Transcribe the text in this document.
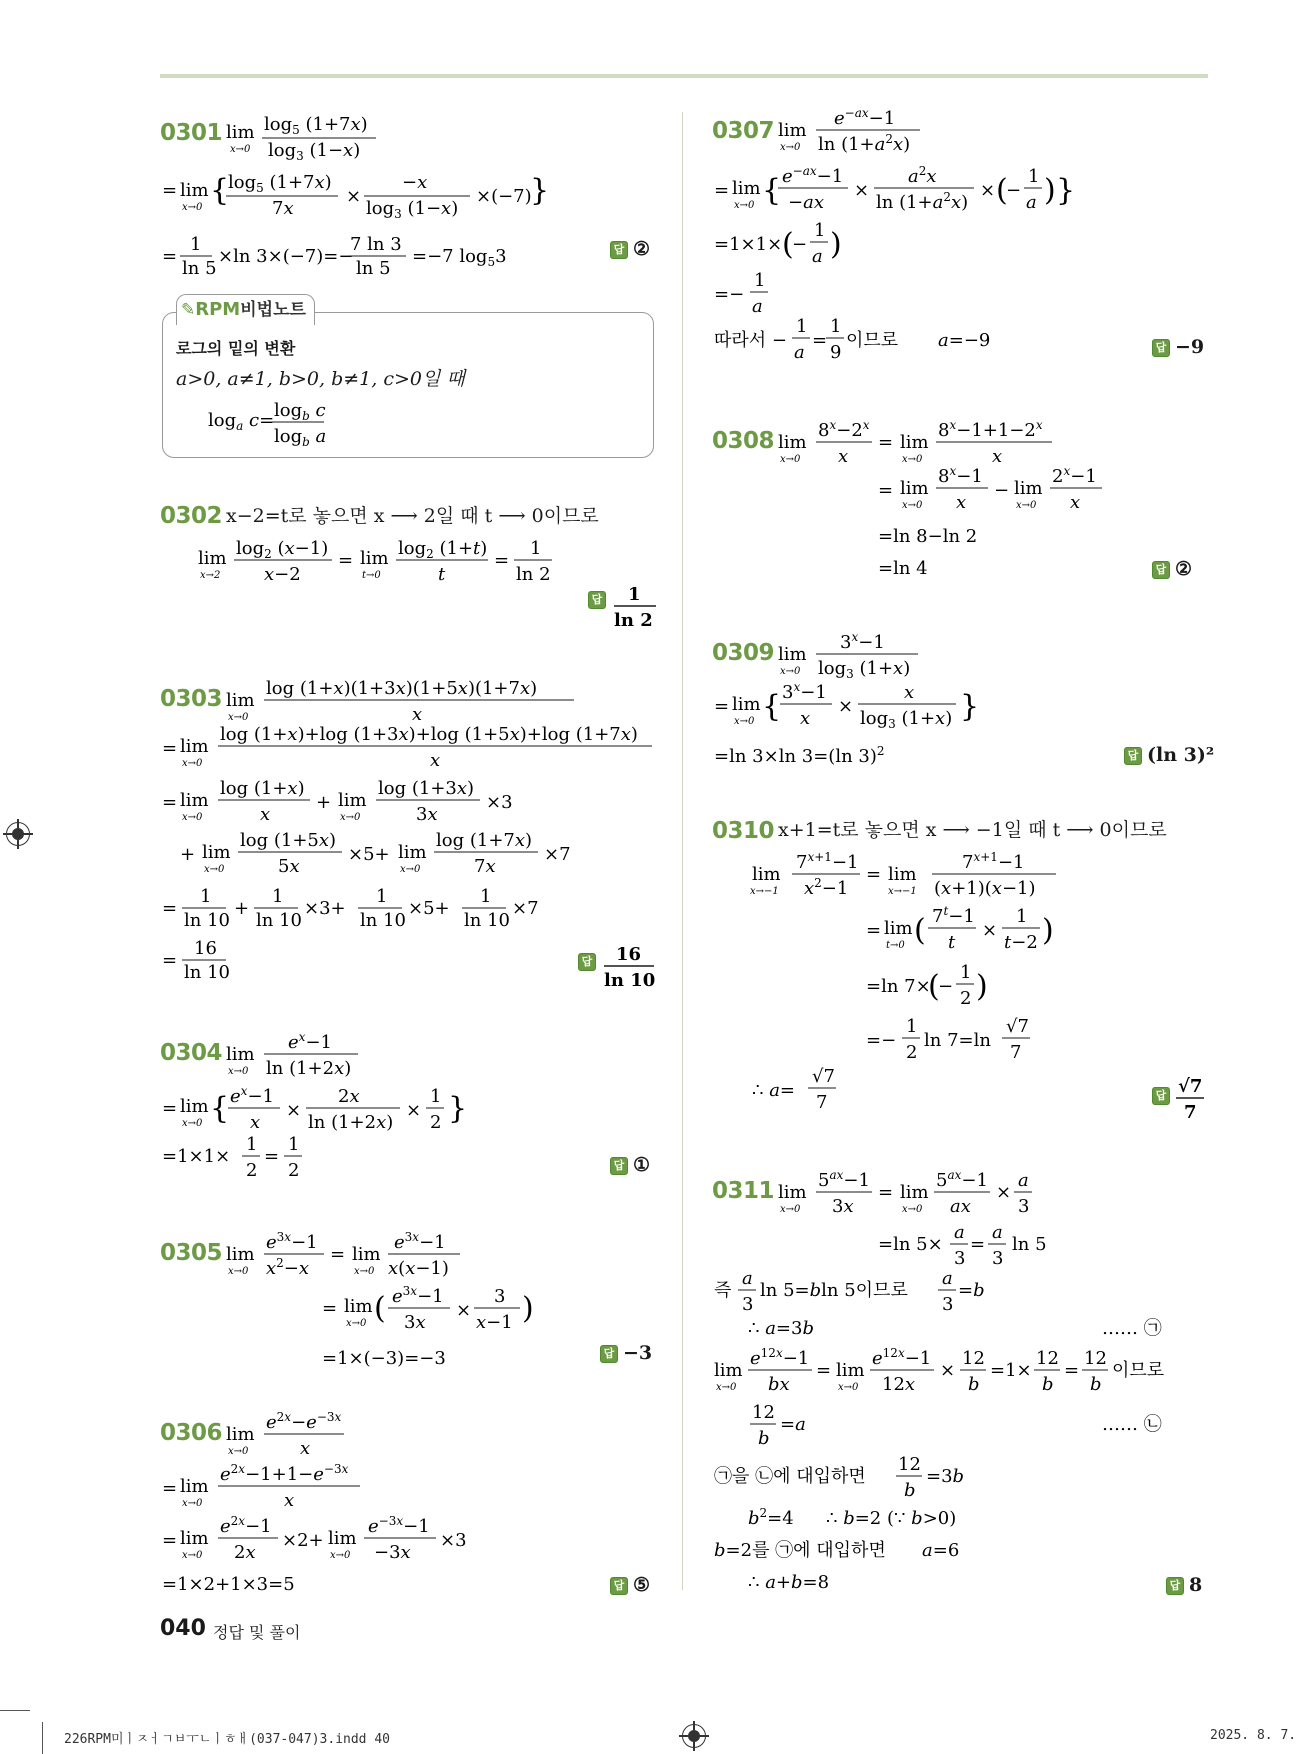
0301 lim
x→0
$\log_5 (1+7x)$
$\log_3 (1-x)$
= lim
x→0 {
$\log_5 (1+7x)$
7x
×
−x
$\log_3 (1-x)$
×(−7)
}
=
1
ln 5
×ln 3×(−7)=−
7 ln 3
ln 5
=−7 $\log_53$	답 ②
✎RPM비법노트
로그의 밑의 변환
a>0, a≠1, b>0, b≠1, c>0일 때
$\log_a c= \log_b c$
$\log_b a$
0302 x−2=t로 놓으면 x ⟶ 2일 때 t ⟶ 0이므로
lim
x→2
$\log_2 (x-1)$
x−2
= lim
t→0
$\log_2 (1+t)$
t
=
1
ln 2
답	1
ln 2
0303 lim
x→0
log (1+x)(1+3x)(1+5x)(1+7x)
x
= lim
x→0
log (1+x)+log (1+3x)+log (1+5x)+log (1+7x)
x
= lim
x→0
log (1+x)
x
+ lim
x→0
log (1+3x)
3x
×3
+ lim
x→0
log (1+5x)
5x
×5+ lim
x→0
log (1+7x)
7x
×7
=
1
ln 10
+
1
ln 10
×3+
1
ln 10
×5+
1
ln 10
×7
=
16
ln 10
답	16
ln 10
0304 lim
x→0
$e^x-1$
ln (1+2x)
= lim
x→0 { $e^x-1$
x
×
2x
ln (1+2x)
×
1
2 }
=1×1×
1
2
=
1
2	답 ①
0305 lim
x→0
$e^{3x}-1$
$x^2-x$
= lim
x→0
$e^{3x}-1$
x(x−1)
= lim
x→0 ( $e^{3x}-1$
3x
×
3
x−1 )
=1×(−3)=−3	답 −3
0306 lim
x→0
$e^{2x}-e^{-3x}$
x
= lim
x→0
$e^{2x}-1+1-e^{-3x}$
x
= lim
x→0
$e^{2x}-1$
2x
×2+ lim
x→0
$e^{-3x}-1$
−3x
×3
=1×2+1×3=5	답 ⑤
0307 lim
x→0
$e^{-ax}-1$
$\ln (1+a^2x)$
= lim
x→0 { $e^{-ax}-1$
−ax
×
$a^2x$
$\ln (1+a^2x)$
× (
−
1
a ) }
=1×1× (
−
1
a )
=−
1
a
따라서 −
1
a
=
1
9
이므로 a=−9	답 −9
0308 lim
x→0
$8^x-2^x$
x
= lim
x→0
$8^x-1+1-2^x$
x
= lim
x→0
$8^x-1$
x
− lim
x→0
$2^x-1$
x
=ln 8−ln 2
=ln 4	답 ②
0309 lim
x→0
$3^x-1$
$\log_3 (1+x)$
= lim
x→0 { $3^x-1$
x
×
x
$\log_3 (1+x)$ }
=ln 3×ln 3=(ln 3)$^2$	답 (ln 3)²
0310 x+1=t로 놓으면 x ⟶ −1일 때 t ⟶ 0이므로
lim
x→−1
$7^{x+1}-1$
$x^2-1$
= lim
x→−1
$7^{x+1}-1$
(x+1)(x−1)
= lim
t→0 ( $7^t-1$
t
×
1
t−2 )
=ln 7×
(
−
1
2 )
=−
1
2
ln 7=ln
√7
7
∴ a=
√7
7	답 √7
7
0311 lim
x→0
$5^{ax}-1$
3x
= lim
x→0
$5^{ax}-1$
ax
×
a
3
=ln 5×
a
3
=
a
3
ln 5
즉
a
3
ln 5=bln 5이므로
a
3
=b
∴ a=3b	…… ㉠
lim
x→0
$e^{12x}-1$
bx
= lim
x→0
$e^{12x}-1$
12x
×
12
b
=1×
12
b
=
12
b
이므로
12
b
=a	…… ㉡
㉠을 ㉡에 대입하면
12
b
=3b
$b^2=4$ ∴ b=2 (∵ b>0)
b=2를 ㉠에 대입하면 a=6
∴ a+b=8	답 8
040 정답 및 풀이
226RPM미ㅣㅈㅓㄱㅂㅜㄴㅣㅎㅐ(037-047)3.indd 40	2025. 8. 7.
